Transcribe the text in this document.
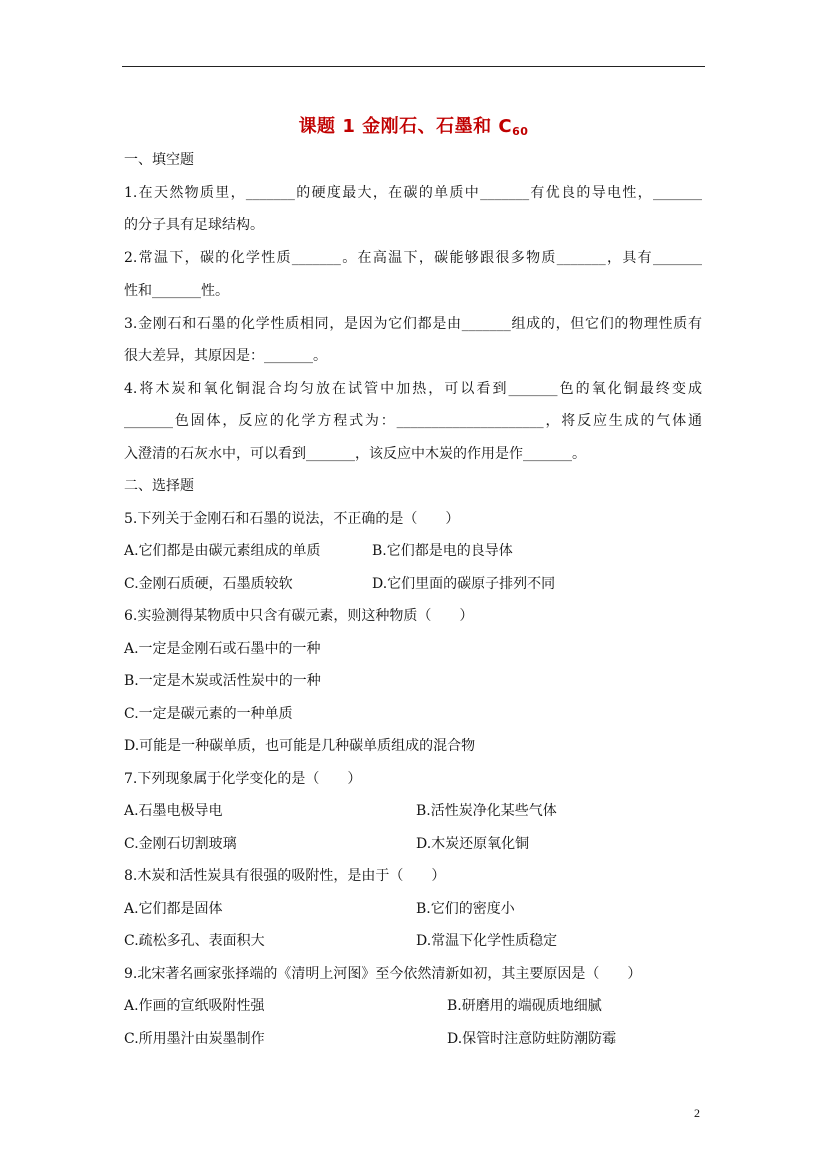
课题 1 金刚石、石墨和 $C_{60}$
一、填空题
1.在天然物质里，_______的硬度最大，在碳的单质中_______有优良的导电性，_______
的分子具有足球结构。
2.常温下，碳的化学性质_______。在高温下，碳能够跟很多物质_______，具有_______
性和_______性。
3.金刚石和石墨的化学性质相同，是因为它们都是由_______组成的，但它们的物理性质有
很大差异，其原因是：_______。
4.将木炭和氧化铜混合均匀放在试管中加热，可以看到_______色的氧化铜最终变成
_______色固体，反应的化学方程式为：_____________________，将反应生成的气体通
入澄清的石灰水中，可以看到_______，该反应中木炭的作用是作_______。
二、选择题
5.下列关于金刚石和石墨的说法，不正确的是（　　）
A.它们都是由碳元素组成的单质	B.它们都是电的良导体
C.金刚石质硬，石墨质较软	D.它们里面的碳原子排列不同
6.实验测得某物质中只含有碳元素，则这种物质（　　）
A.一定是金刚石或石墨中的一种
B.一定是木炭或活性炭中的一种
C.一定是碳元素的一种单质
D.可能是一种碳单质，也可能是几种碳单质组成的混合物
7.下列现象属于化学变化的是（　　）
A.石墨电极导电	B.活性炭净化某些气体
C.金刚石切割玻璃	D.木炭还原氧化铜
8.木炭和活性炭具有很强的吸附性，是由于（　　）
A.它们都是固体	B.它们的密度小
C.疏松多孔、表面积大	D.常温下化学性质稳定
9.北宋著名画家张择端的《清明上河图》至今依然清新如初，其主要原因是（　　）
A.作画的宣纸吸附性强	B.研磨用的端砚质地细腻
C.所用墨汁由炭墨制作	D.保管时注意防蛀防潮防霉
2
